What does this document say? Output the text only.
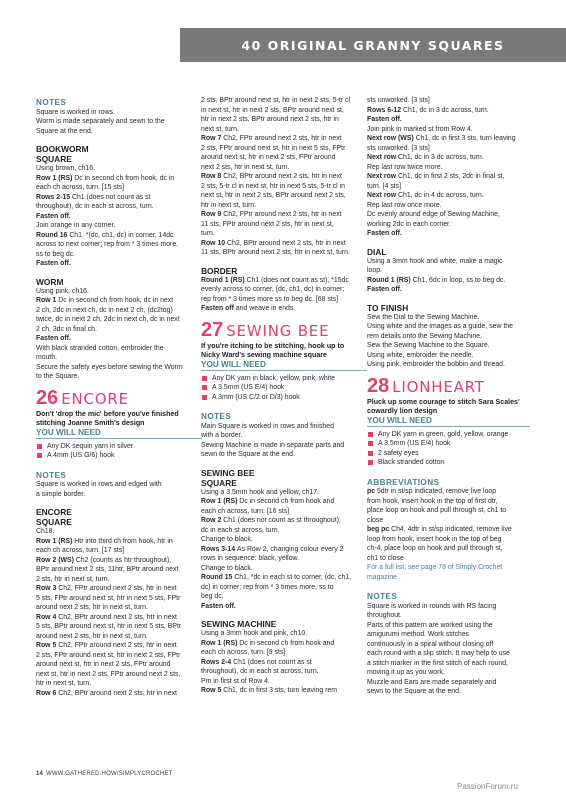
40 ORIGINAL GRANNY SQUARES
NOTES

Square is worked in rows.

Worm is made separately and sewn to the

Square at the end.

BOOKWORM
SQUARE

Using brown, ch16.

Row 1 (RS) Dc in second ch from hook, dc in

each ch across, turn. [15 sts]

Rows 2-15 Ch1 (does not count as st

throughout), dc in each st across, turn.

Fasten off.

Join orange in any corner.

Round 16 Ch1, *(dc, ch1, dc) in corner, 14dc

across to next corner; rep from * 3 times more,

ss to beg dc.

Fasten off.

WORM

Using pink, ch16.

Row 1 Dc in second ch from hook, dc in next

2 ch, 2dc in next ch, dc in next 2 ch, (dc2tog)

twice, dc in next 2 ch, 2dc in next ch, dc in next

2 ch, 3dc in final ch.

Fasten off.

With black stranded cotton, embroider the

mouth.

Secure the safety eyes before sewing the Worm

to the Square.

26 ENCORE

Don't 'drop the mic' before you've finished

stitching Joanne Smith's design

YOU WILL NEED
Any DK sequin yarn in silver
A 4mm (US G/6) hook
NOTES

Square is worked in rows and edged with

a simple border.

ENCORE
SQUARE

Ch18.

Row 1 (RS) Htr into third ch from hook, htr in

each ch across, turn. [17 sts]

Row 2 (WS) Ch2 (counts as htr throughout),

BPtr around next 2 sts, 11htr, BPtr around next

2 sts, htr in next st, turn.

Row 3 Ch2, FPtr around next 2 sts, htr in next

5 sts, FPtr around next st, htr in next 5 sts, FPtr

around next 2 sts, htr in next st, turn.

Row 4 Ch2, BPtr around next 2 sts, htr in next

5 sts, BPtr around next st, htr in next 5 sts, BPtr

around next 2 sts, htr in next st, turn.

Row 5 Ch2, FPtr around next 2 sts, htr in next

2 sts, FPtr around next st, htr in next 2 sts, FPtr

around next st, htr in next 2 sts, FPtr around

next st, htr in next 2 sts, FPtr around next 2 sts,

htr in next st, turn.

Row 6 Ch2, BPtr around next 2 sts, htr in next

2 sts, BPtr around next st, htr in next 2 sts, 5-tr cl

in next st, htr in next 2 sts, BPtr around next st,

htr in next 2 sts, BPtr around next 2 sts, htr in

next st, turn.

Row 7 Ch2, FPtr around next 2 sts, htr in next

2 sts, FPtr around next st, htr in next 5 sts, FPtr

around next st, htr in next 2 sts, FPtr around

next 2 sts, htr in next st, turn.

Row 8 Ch2, BPtr around next 2 sts, htr in next

2 sts, 5-tr cl in next st, htr in next 5 sts, 5-tr cl in

next st, htr in next 2 sts, BPtr around next 2 sts,

htr in next st, turn.

Row 9 Ch2, FPtr around next 2 sts, htr in next

11 sts, FPtr around next 2 sts, htr in next st,

turn.

Row 10 Ch2, BPtr around next 2 sts, htr in next

11 sts, BPtr around next 2 sts, htr in next st, turn.

BORDER

Round 1 (RS) Ch1 (does not count as st), *15dc

evenly across to corner, (dc, ch1, dc) in corner;

rep from * 3 times more ss to beg dc. [68 sts]

Fasten off and weave in ends.

27 SEWING BEE

If you're itching to be stitching, hook up to

Nicky Ward's sewing machine square

YOU WILL NEED
Any DK yarn in black, yellow, pink, white
A 3.5mm (US E/4) hook
A 3mm (US C/2 or D/3) hook
NOTES

Main Square is worked in rows and finished

with a border.

Sewing Machine is made in separate parts and

sewn to the Square at the end.

SEWING BEE
SQUARE

Using a 3.5mm hook and yellow, ch17.

Row 1 (RS) Dc in second ch from hook and

each ch across, turn. [16 sts]

Row 2 Ch1 (does not count as st throughout),

dc in each st across, turn.

Change to black.

Rows 3-14 As Row 2, changing colour every 2

rows in sequence: black, yellow.

Change to black.

Round 15 Ch1, *dc in each st to corner, (dc, ch1,

dc) in corner; rep from * 3 times more, ss to

beg dc.

Fasten off.

SEWING MACHINE

Using a 3mm hook and pink, ch10.

Row 1 (RS) Dc in second ch from hook and

each ch across, turn. [9 sts]

Rows 2-4 Ch1 (does not count as st

throughout), dc in each st across, turn.

Pm in first st of Row 4.

Row 5 Ch1, dc in first 3 sts, turn leaving rem

sts unworked. [3 sts]

Rows 6-12 Ch1, dc in 3 dc across, turn.

Fasten off.

Join pink in marked st from Row 4.

Next row (WS) Ch1, dc in first 3 sts, turn leaving

sts unworked. [3 sts]

Next row Ch1, dc in 3 dc across, turn.

Rep last row twice more.

Next row Ch1, dc in first 2 sts, 2dc in final st,

turn. [4 sts]

Next row Ch1, dc in 4 dc across, turn.

Rep last row once more.

Dc evenly around edge of Sewing Machine,

working 2dc in each corner.

Fasten off.

DIAL

Using a 3mm hook and white, make a magic

loop.

Round 1 (RS) Ch1, 6dc in loop, ss to beg dc.

Fasten off.

TO FINISH

Sew the Dial to the Sewing Machine.

Using white and the images as a guide, sew the

rem details onto the Sewing Machine.

Sew the Sewing Machine to the Square.

Using white, embroider the needle.

Using pink, embroider the bobbin and thread.

28 LIONHEART

Pluck up some courage to stitch Sara Scales'

cowardly lion design

YOU WILL NEED
Any DK yarn in green, gold, yellow, orange
A 3.5mm (US E/4) hook
2 safety eyes
Black stranded cotton
ABBREVIATIONS

pc 5dtr in st/sp indicated, remove live loop

from hook, insert hook in the top of first dtr,

place loop on hook and pull through st, ch1 to

close

beg pc Ch4, 4dtr in st/sp indicated, remove live

loop from hook, insert hook in the top of beg

ch-4, place loop on hook and pull through st,

ch1 to close

For a full list, see page 78 of Simply Crochet

magazine

NOTES

Square is worked in rounds with RS facing

throughout.

Parts of this pattern are worked using the

amigurumi method. Work stitches

continuously in a spiral without closing off

each round with a slip stitch. It may help to use

a stitch marker in the first stitch of each round,

moving it up as you work.

Muzzle and Ears are made separately and

sewn to the Square at the end.

14 WWW.GATHERED.HOW/SIMPLYCROCHET
PassionForum.ru
